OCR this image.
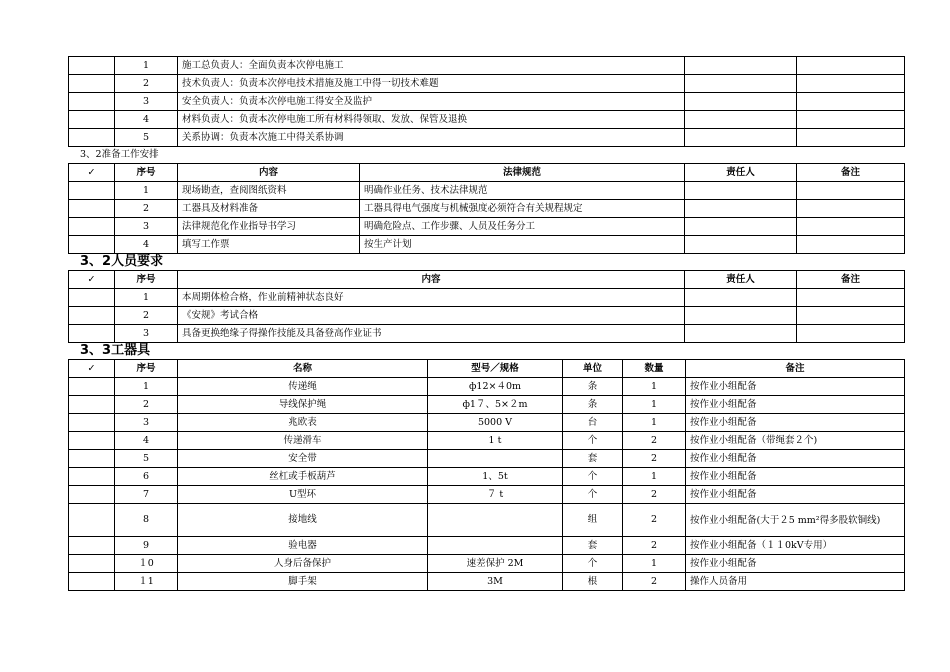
	1	施工总负责人：全面负责本次停电施工		
	2	技术负责人：负责本次停电技术措施及施工中得一切技术难题		
	3	安全负责人：负责本次停电施工得安全及监护		
	4	材料负责人：负责本次停电施工所有材料得领取、发放、保管及退换		
	5	关系协调：负责本次施工中得关系协调		
3、2准备工作安排
✓	序号	内容	法律规范	责任人	备注
	1	现场勘查，查阅图纸资料	明确作业任务、技术法律规范		
	2	工器具及材料准备	工器具得电气强度与机械强度必须符合有关规程规定		
	3	法律规范化作业指导书学习	明确危险点、工作步骤、人员及任务分工		
	4	填写工作票	按生产计划		
3、2人员要求
✓	序号	内容	责任人	备注
	1	本周期体检合格，作业前精神状态良好		
	2	《安规》考试合格		
	3	具备更换绝缘子得操作技能及具备登高作业证书		
3、3工器具
✓	序号	名称	型号／规格	单位	数量	备注
	1	传递绳	ф12×４0m	条	1	按作业小组配备
	2	导线保护绳	ф1７、5×２m	条	1	按作业小组配备
	3	兆欧表	5000 V	台	1	按作业小组配备
	4	传递滑车	1 t	个	2	按作业小组配备（带绳套２个)
	5	安全带		套	2	按作业小组配备
	6	丝杠或手板葫芦	1、5t	个	1	按作业小组配备
	7	U型环	７ t	个	2	按作业小组配备
	8	接地线		组	2	按作业小组配备(大于２5 mm²得多股软铜线)
	9	验电器		套	2	按作业小组配备（１１0kV专用）
	１0	人身后备保护	速差保护 2M	个	1	按作业小组配备
	１1	脚手架	3M	根	2	操作人员备用
